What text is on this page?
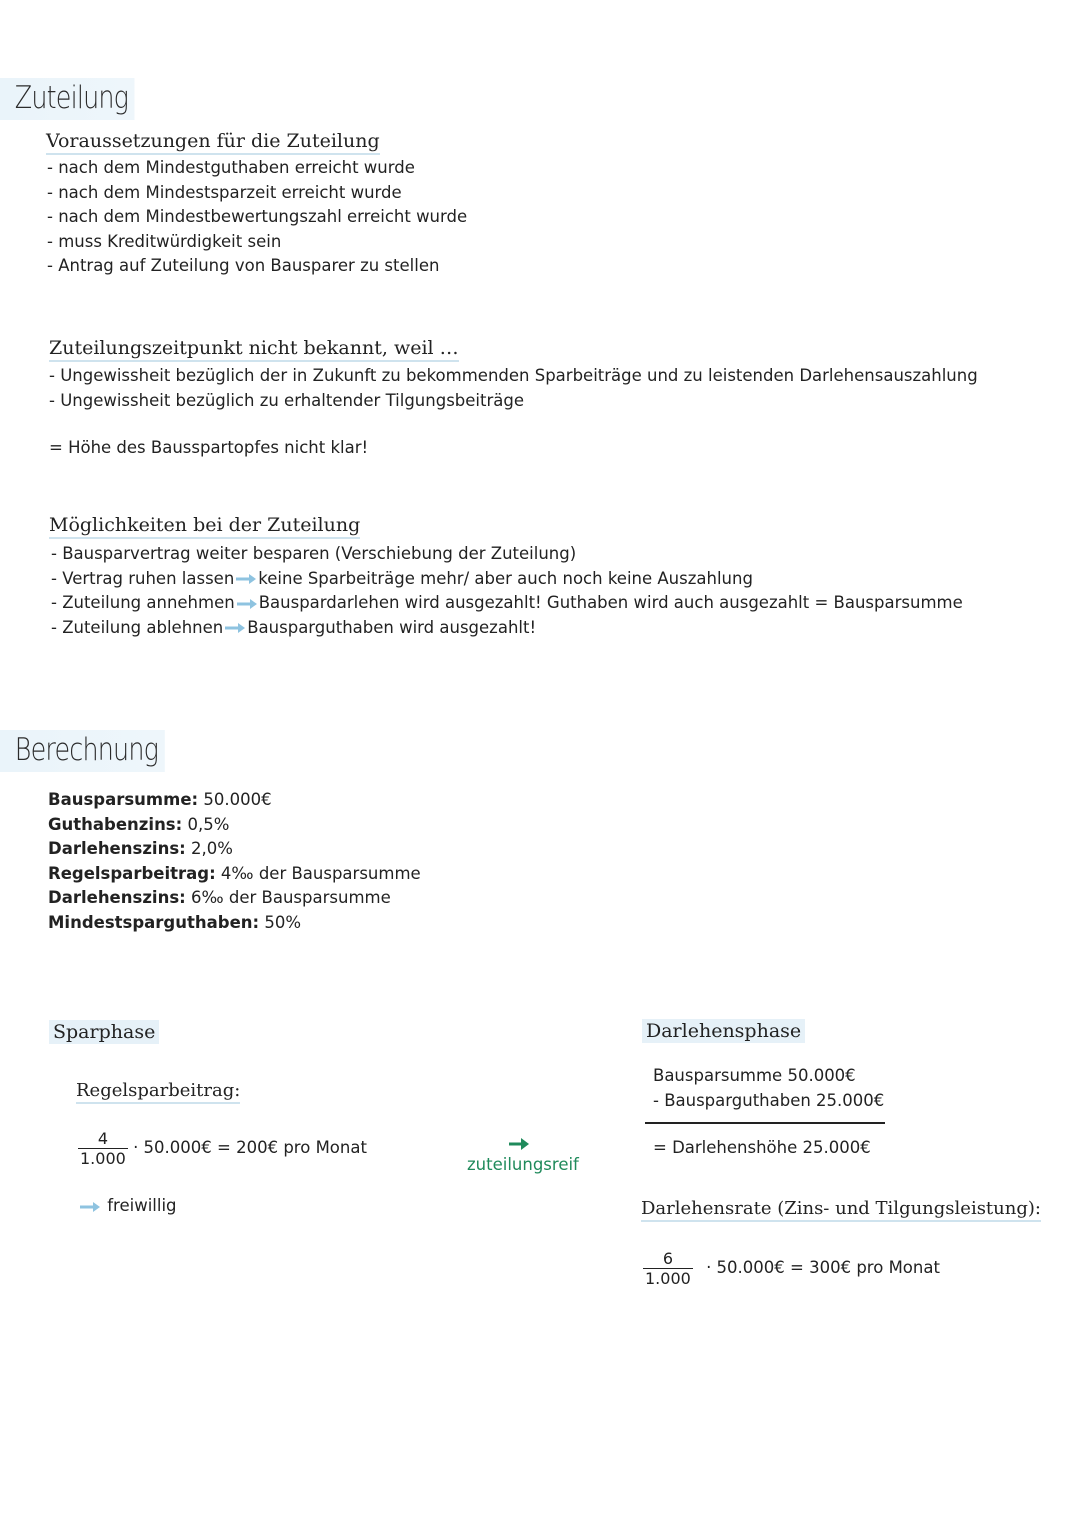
Zuteilung
Voraussetzungen für die Zuteilung
- nach dem Mindestguthaben erreicht wurde
- nach dem Mindestsparzeit erreicht wurde
- nach dem Mindestbewertungszahl erreicht wurde
- muss Kreditwürdigkeit sein
- Antrag auf Zuteilung von Bausparer zu stellen
Zuteilungszeitpunkt nicht bekannt, weil …
- Ungewissheit bezüglich der in Zukunft zu bekommenden Sparbeiträge und zu leistenden Darlehensauszahlung
- Ungewissheit bezüglich zu erhaltender Tilgungsbeiträge
= Höhe des Bausspartopfes nicht klar!
Möglichkeiten bei der Zuteilung
- Bausparvertrag weiter besparen (Verschiebung der Zuteilung)
- Vertrag ruhen lassen keine Sparbeiträge mehr/ aber auch noch keine Auszahlung
- Zuteilung annehmen Bauspardarlehen wird ausgezahlt! Guthaben wird auch ausgezahlt = Bausparsumme
- Zuteilung ablehnen Bausparguthaben wird ausgezahlt!
Berechnung
Bausparsumme: 50.000€
Guthabenzins: 0,5%
Darlehenszins: 2,0%
Regelsparbeitrag: 4‰ der Bausparsumme
Darlehenszins: 6‰ der Bausparsumme
Mindestsparguthaben: 50%
Sparphase
Regelsparbeitrag:
$\frac{4}{1.000}$ · 50.000€ = 200€ pro Monat
freiwillig
zuteilungsreif
Darlehensphase
Bausparsumme 50.000€
- Bausparguthaben 25.000€
= Darlehenshöhe 25.000€
Darlehensrate (Zins- und Tilgungsleistung):
$\frac{6}{1.000}$ · 50.000€ = 300€ pro Monat
